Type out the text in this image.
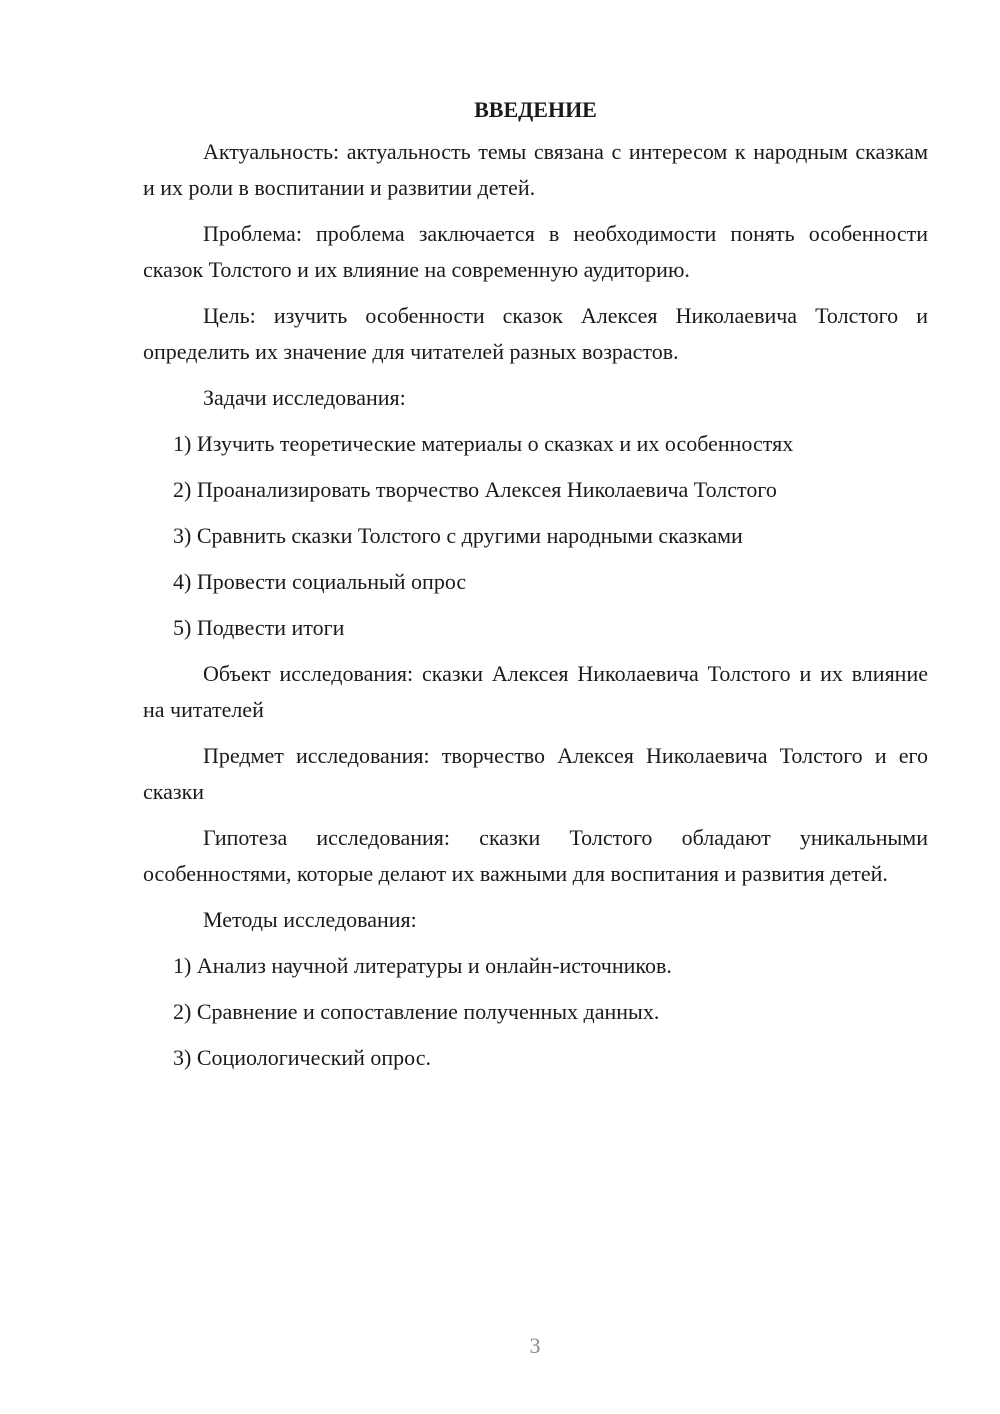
ВВЕДЕНИЕ

Актуальность: актуальность темы связана с интересом к народным сказкам и их роли в воспитании и развитии детей.

Проблема: проблема заключается в необходимости понять особенности сказок Толстого и их влияние на современную аудиторию.

Цель: изучить особенности сказок Алексея Николаевича Толстого и определить их значение для читателей разных возрастов.

Задачи исследования:

1) Изучить теоретические материалы о сказках и их особенностях
2) Проанализировать творчество Алексея Николаевича Толстого
3) Сравнить сказки Толстого с другими народными сказками
4) Провести социальный опрос
5) Подвести итоги

Объект исследования: сказки Алексея Николаевича Толстого и их влияние на читателей

Предмет исследования: творчество Алексея Николаевича Толстого и его сказки

Гипотеза исследования: сказки Толстого обладают уникальными особенностями, которые делают их важными для воспитания и развития детей.

Методы исследования:

1) Анализ научной литературы и онлайн-источников.
2) Сравнение и сопоставление полученных данных.
3) Социологический опрос.
3
